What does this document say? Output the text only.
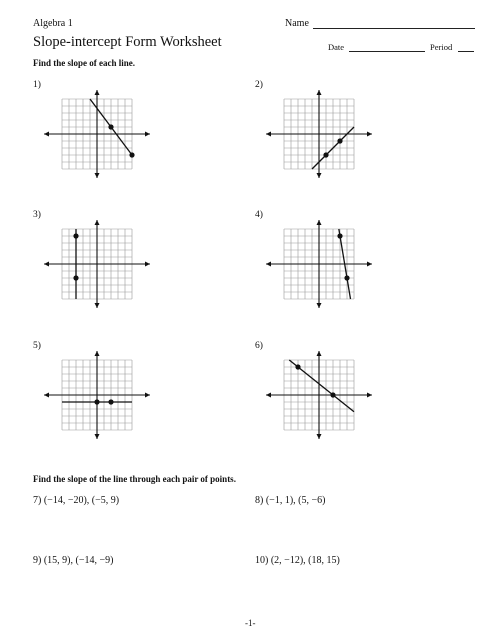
Algebra 1
Slope-intercept Form Worksheet
Name
Date	Period
Find the slope of each line.
1)	2)
3)	4)
5)	6)
Find the slope of the line through each pair of points.
7) (−14, −20), (−5, 9)	8) (−1, 1), (5, −6)
9) (15, 9), (−14, −9)	10) (2, −12), (18, 15)
-1-
